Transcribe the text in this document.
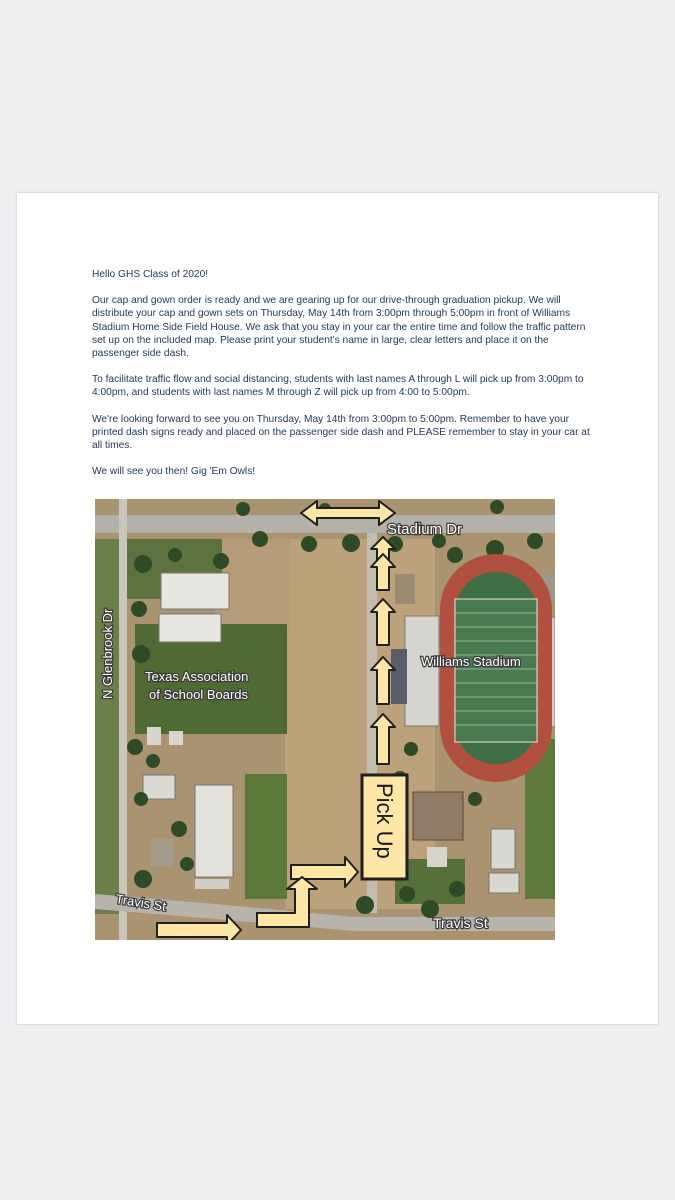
Hello GHS Class of 2020!

Our cap and gown order is ready and we are gearing up for our drive-through graduation pickup. We will distribute your cap and gown sets on Thursday, May 14th from 3:00pm through 5:00pm in front of Williams Stadium Home Side Field House. We ask that you stay in your car the entire time and follow the traffic pattern set up on the included map. Please print your student's name in large, clear letters and place it on the passenger side dash.

To facilitate traffic flow and social distancing, students with last names A through L will pick up from 3:00pm to 4:00pm, and students with last names M through Z will pick up from 4:00 to 5:00pm.

We're looking forward to see you on Thursday, May 14th from 3:00pm to 5:00pm. Remember to have your printed dash signs ready and placed on the passenger side dash and PLEASE remember to stay in your car at all times.

We will see you then! Gig 'Em Owls!

Pick Up
Stadium Dr
N Glenbrook Dr Texas Association
of School Boards
Williams Stadium
Travis St
Travis St
